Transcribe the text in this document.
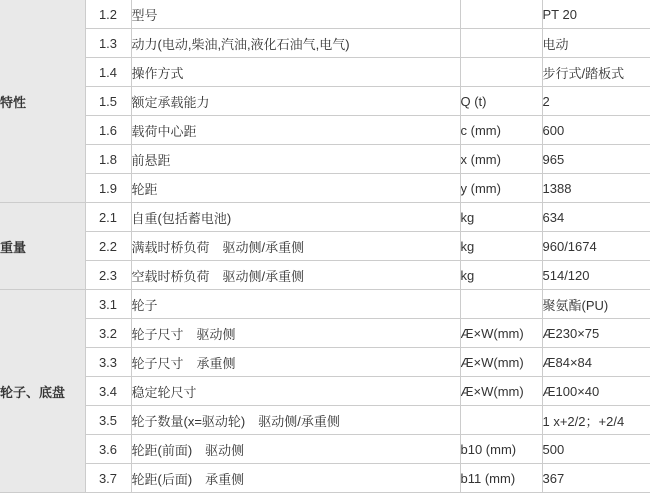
特性	1.2	型号		PT 20
	1.3	动力(电动,柴油,汽油,液化石油气,电气)		电动
	1.4	操作方式		步行式/踏板式
	1.5	额定承载能力	Q (t)	2
	1.6	载荷中心距	c (mm)	600
	1.8	前悬距	x (mm)	965
	1.9	轮距	y (mm)	1388
重量	2.1	自重(包括蓄电池)	kg	634
	2.2	满载时桥负荷　驱动侧/承重侧	kg	960/1674
	2.3	空载时桥负荷　驱动侧/承重侧	kg	514/120
轮子、底盘	3.1	轮子		聚氨酯(PU)
	3.2	轮子尺寸　驱动侧	Æ×W(mm)	Æ230×75
	3.3	轮子尺寸　承重侧	Æ×W(mm)	Æ84×84
	3.4	稳定轮尺寸	Æ×W(mm)	Æ100×40
	3.5	轮子数量(x=驱动轮)　驱动侧/承重侧		1 x+2/2；+2/4
	3.6	轮距(前面)　驱动侧	b10 (mm)	500
	3.7	轮距(后面)　承重侧	b11 (mm)	367
